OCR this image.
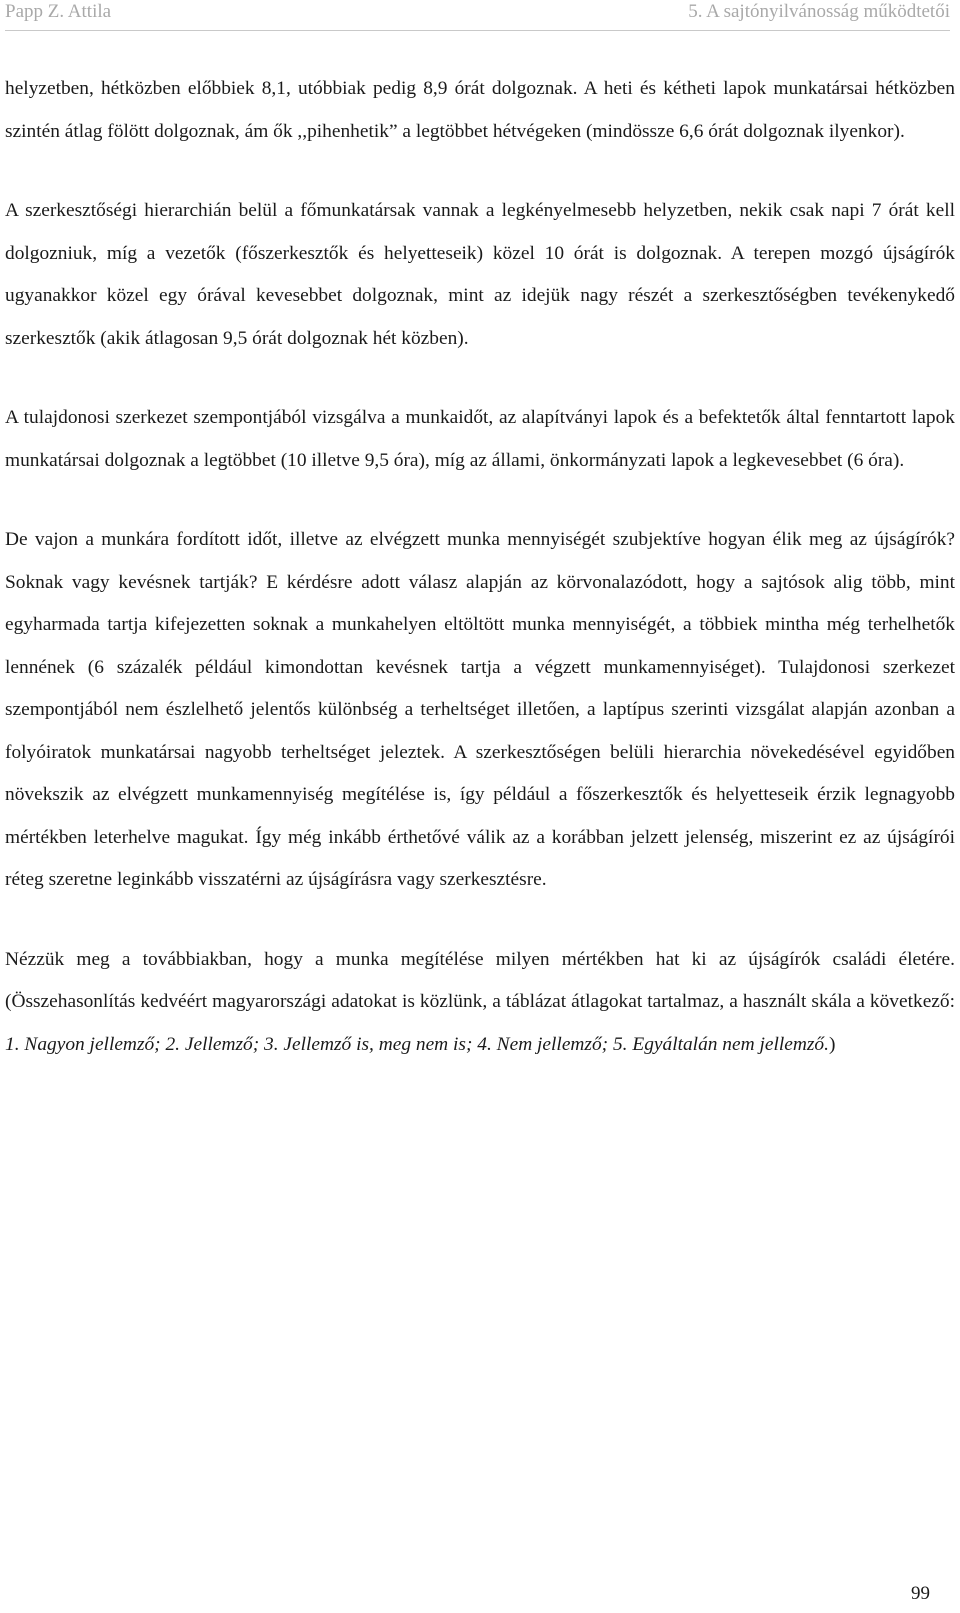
Papp Z. Attila	5. A sajtónyilvánosság működtetői

helyzetben, hétközben előbbiek 8,1, utóbbiak pedig 8,9 órát dolgoznak. A heti és kétheti lapok munkatársai hétközben szintén átlag fölött dolgoznak, ám ők ,,pihenhetik” a legtöbbet hétvégeken (mindössze 6,6 órát dolgoznak ilyenkor).

A szerkesztőségi hierarchián belül a főmunkatársak vannak a legkényelmesebb helyzetben, nekik csak napi 7 órát kell dolgozniuk, míg a vezetők (főszerkesztők és helyetteseik) közel 10 órát is dolgoznak. A terepen mozgó újságírók ugyanakkor közel egy órával kevesebbet dolgoznak, mint az idejük nagy részét a szerkesztőségben tevékenykedő szerkesztők (akik átlagosan 9,5 órát dolgoznak hét közben).

A tulajdonosi szerkezet szempontjából vizsgálva a munkaidőt, az alapítványi lapok és a befektetők által fenntartott lapok munkatársai dolgoznak a legtöbbet (10 illetve 9,5 óra), míg az állami, önkormányzati lapok a legkevesebbet (6 óra).

De vajon a munkára fordított időt, illetve az elvégzett munka mennyiségét szubjektíve hogyan élik meg az újságírók? Soknak vagy kevésnek tartják? E kérdésre adott válasz alapján az körvonalazódott, hogy a sajtósok alig több, mint egyharmada tartja kifejezetten soknak a munkahelyen eltöltött munka mennyiségét, a többiek mintha még terhelhetők lennének (6 százalék például kimondottan kevésnek tartja a végzett munkamennyiséget). Tulajdonosi szerkezet szempontjából nem észlelhető jelentős különbség a terheltséget illetően, a laptípus szerinti vizsgálat alapján azonban a folyóiratok munkatársai nagyobb terheltséget jeleztek. A szerkesztőségen belüli hierarchia növekedésével egyidőben növekszik az elvégzett munkamennyiség megítélése is, így például a főszerkesztők és helyetteseik érzik legnagyobb mértékben leterhelve magukat. Így még inkább érthetővé válik az a korábban jelzett jelenség, miszerint ez az újságírói réteg szeretne leginkább visszatérni az újságírásra vagy szerkesztésre.

Nézzük meg a továbbiakban, hogy a munka megítélése milyen mértékben hat ki az újságírók családi életére. (Összehasonlítás kedvéért magyarországi adatokat is közlünk, a táblázat átlagokat tartalmaz, a használt skála a következő: 1. Nagyon jellemző; 2. Jellemző; 3. Jellemző is, meg nem is; 4. Nem jellemző; 5. Egyáltalán nem jellemző.)

99
